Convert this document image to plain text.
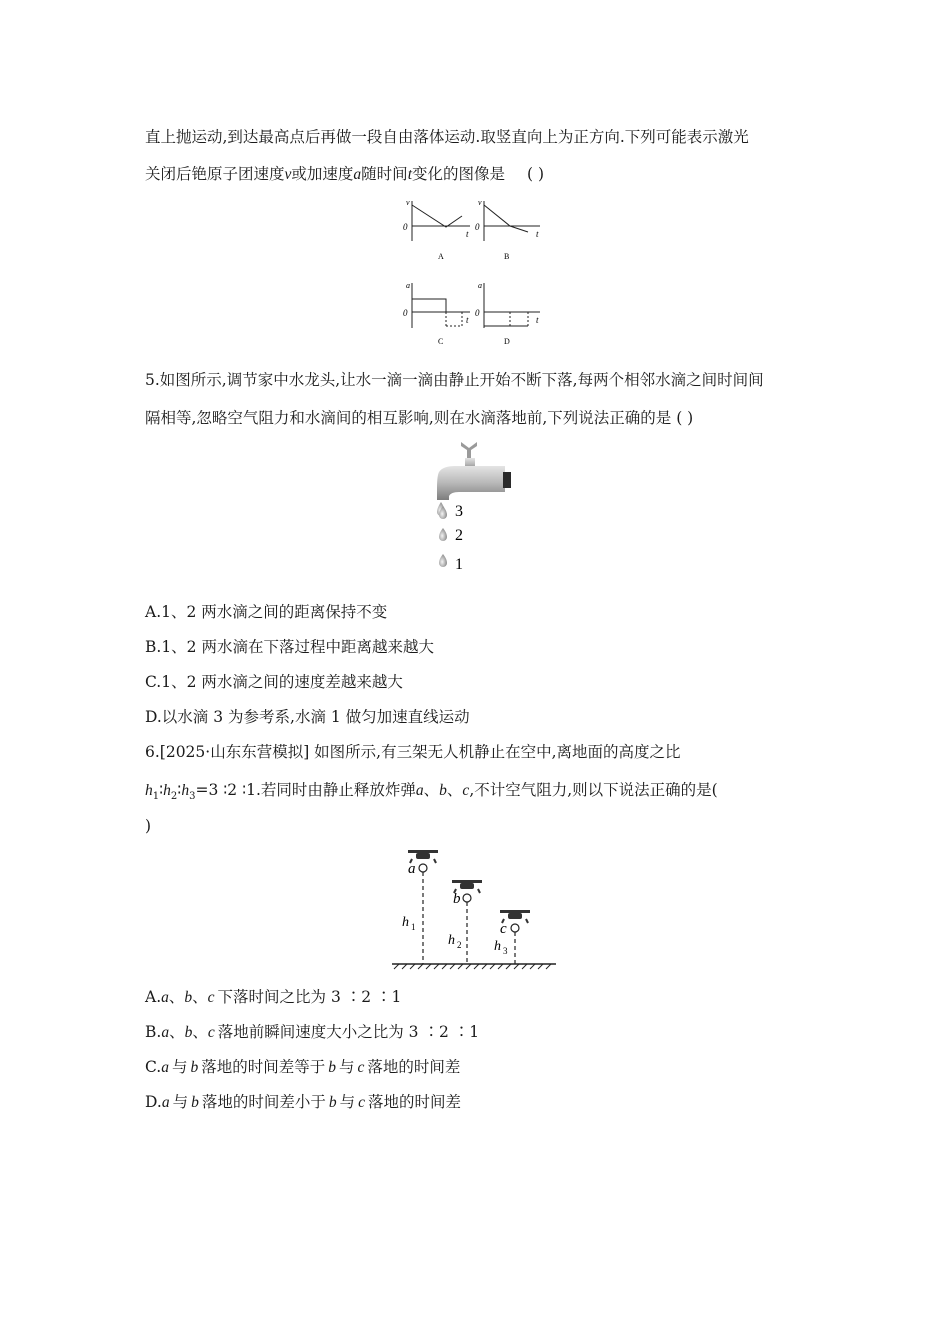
直上抛运动,到达最高点后再做一段自由落体运动.取竖直向上为正方向.下列可能表示激光
关闭后铯原子团速度v或加速度a随时间t变化的图像是 ( )
v
0
t
A
v
0
t
B
a
0
t
C
a
0
t
D
5.如图所示,调节家中水龙头,让水一滴一滴由静止开始不断下落,每两个相邻水滴之间时间间
隔相等,忽略空气阻力和水滴间的相互影响,则在水滴落地前,下列说法正确的是 ( )
3
2
1
A.1、2 两水滴之间的距离保持不变
B.1、2 两水滴在下落过程中距离越来越大
C.1、2 两水滴之间的速度差越来越大
D.以水滴 3 为参考系,水滴 1 做匀加速直线运动
6.[2025·山东东营模拟] 如图所示,有三架无人机静止在空中,离地面的高度之比
$h_1∶h_2∶h_3=3$ ∶2 ∶1.若同时由静止释放炸弹a、b、c,不计空气阻力,则以下说法正确的是(
)
a
h 1
b
h 2
c
h 3
A.a、b、c 下落时间之比为 3 ∶2 ∶1
B.a、b、c 落地前瞬间速度大小之比为 3 ∶2 ∶1
C.a 与 b 落地的时间差等于 b 与 c 落地的时间差
D.a 与 b 落地的时间差小于 b 与 c 落地的时间差
